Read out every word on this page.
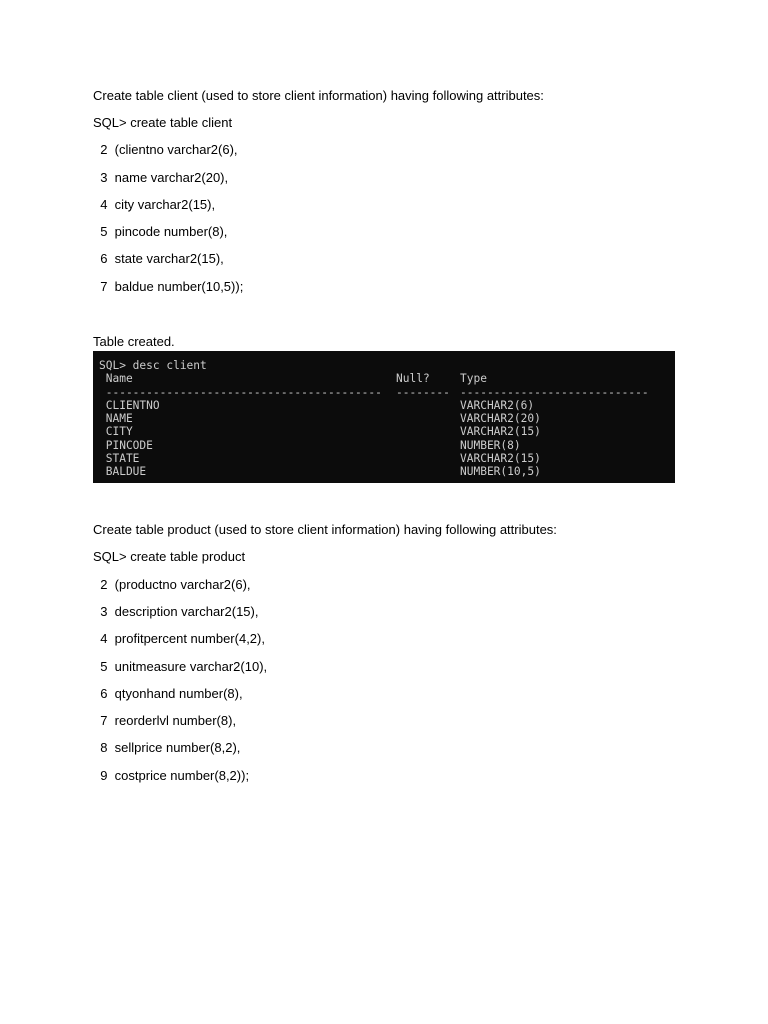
Create table client (used to store client information) having following attributes:
SQL> create table client
2  (clientno varchar2(6),
3  name varchar2(20),
4  city varchar2(15),
5  pincode number(8),
6  state varchar2(15),
7  baldue number(10,5));
Table created.
SQL> desc client
Name	Null?	Type
----------------------------------------- -------- ----------------------------
CLIENTNO	VARCHAR2(6)
NAME	VARCHAR2(20)
CITY	VARCHAR2(15)
PINCODE	NUMBER(8)
STATE	VARCHAR2(15)
BALDUE	NUMBER(10,5)
Create table product (used to store client information) having following attributes:
SQL> create table product
2  (productno varchar2(6),
3  description varchar2(15),
4  profitpercent number(4,2),
5  unitmeasure varchar2(10),
6  qtyonhand number(8),
7  reorderlvl number(8),
8  sellprice number(8,2),
9  costprice number(8,2));
